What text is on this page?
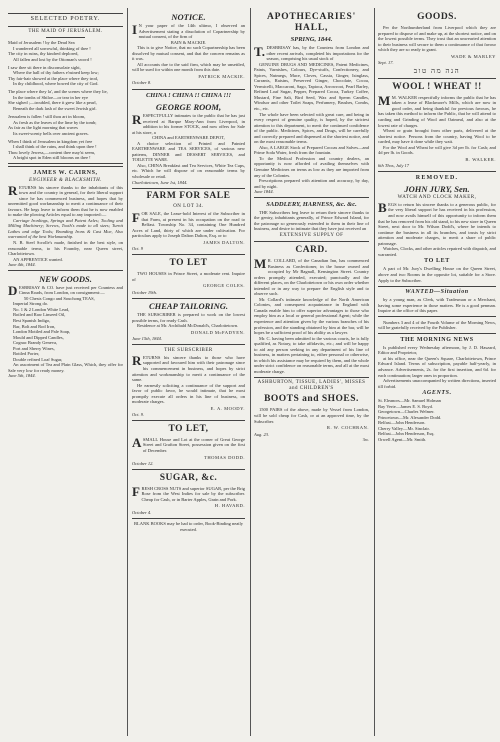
SELECTED POETRY.
THE MAID OF JERUSALEM.

Maid of Jerusalem ! by the Dead Sea

I wandered all sorrowful, thinking of thee !

The city in ruins, thy kindred deplored,

All fallen and lost by the Ottoman's sword !

I saw thee sit there in disconsolate sight,

Where the hall of thy fathers e'ruined keep low;

Thy fair-hair showed at the place where they trod,

In thy childhood, where bowed the city of God.

The place where they la', and the scenes where they lie,

In the tombs of Shiloe—or tear in her eye

She sighed ;—troubled, there it grew like a pearl,

Beneath the dark lash of the sweet Jewish girl.

Jerusalem is fallen ! still thou art in bloom,

As fresh as the leaves of the lime by the tomb;

As fair as the light morning that waves

Its sweet-scenty bells over ancient graves.

When I think of Jerusalem in kingdom yet free

I shall think of the ruins, and think upon thee !

Thou lovely Jewess,—content thee may'st seem,

A bright spot in Eden still blooms on thee !

JAMES W. CAIRNS,
ENGINEER & BLACKSMITH.

RETURNS his sincere thanks to the inhabitants of this town and the country in general, for their liberal support since he has commenced business, and hopes that by unremitted good workmanship to merit a continuance of their favours. He begs leave to inform them that he is now enabled to make the plowing Articles equal to any imported:—

Carriage Ironlings, Springs and Patent Axles; Tooling and Milling Machinery; Screws, Tooth's made to all sizes; Turnit Lathes and edge Tools; Branding Irons & Cast Moe, Also warranted of the best Workmanship.

N. B. Steel Scrolle's made, finished in the best style, on reasonable terms, to his Foundry, near Queen street, Charlottetown.

AN APPRENTICE wanted.

June 4th, 1844.

NEW GOODS.

DESBRISAY & CO. have just received per Countess and Cinna Roads, from London, on consignment:—

50 Chests Congo and Souchong TEAS,

Imperial Strong do.

No. 1 & 2 London White Lead,

Boiled and Raw Linseed Oil,

Best Spanish Indigo,

Bar, Bolt and Rod Iron,

London Mottled and Pale Soap,

Mould and Dipped Candles,

Cognac Brandy Geneva,

Port and Sherry Wines,

Bottled Porter,

Double refined Loaf Sugar,

An assortment of Tea and Plain Glass, Which, they offer for Sale very low for ready money.

June 5th, 1844.

NOTICE.

I N your paper of the 14th ultimo, I observed an Advertisement stating a dissolution of Copartnership by mutual consent, of the firm of

BAIN & MACKIE.

This is to give Notice, that no such Copartnership has been dissolved by mutual consent, and that the concern remains as it was.

All accounts due to the said firm, which may be unsettled, will be sued for within one month from this date.

PATRICK MACKIE.

October 8.

CHINA ! CHINA !! CHINA !!!
GEORGE ROOM,

RESPECTFULLY intimates to the public that he has just received at Barque Mary-Ann from Liverpool, in addition to his former STOCK, and now offers for Sale at his store, a

CHINA and EARTHENWARE DEPOT,

A choice selection of Printed and Painted EARTHENWARE and TEA SERVICES, of various new patterns, DINNER and DESSERT SERVICES, and TOILETTE WARE.

Also, CHINA Breakfast and Tea Services, White Tea Cups, etc. Which he will dispose of on reasonable terms by wholesale or retail.

Charlottetown, June 1st, 1844.

FARM FOR SALE
ON LOT 34.

FOR SALE, the Lease-hold Interest of the Subscriber in that Farm, at present in his occupation on the road to Belfast. Township No. 34, containing One Hundred Acres of Land, thirty of which are under cultivation. For particulars apply to Joseph Dalton Dalton, Esq. or to

JAMES DALTON.

Oct. 9

TO LET

TWO HOUSES in Prince Street, a moderate rent. Inquire of

GEORGE COLES.

October 19th.

CHEAP TAILORING.

THE SUBSCRIBER is prepared to work on the lowest possible terms, for ready Cash.

Residence at Mr. Archibald McDonald's, Charlottetown.

DONALD McFADYEN.

June 15th, 1844.

THE SUBSCRIBER

RETURNS his sincere thanks to those who have supported and favoured him with their patronage since his commencement in business, and hopes by strict attention and workmanship to merit a continuance of the same.

He earnestly soliciting a continuance of the support and favor of public favor, he would intimate, that he most promptly execute all orders in his line of business, on moderate charges.

E. A. MOODY.

Oct. 9.

TO LET,

ASMALL House and Lot at the corner of Great George Street and Grafton Street, possession given on the first of December.

THOMAS DODD.

October 12.

SUGAR, &c.

FRESH CROSS NUTS and superior SUGAR, per the Brig Rose from the West Indies for sale by the subscriber. Cheap for Cash, or in Barter Apples, Grain and Pork.

H. HAVARD.

October 4.

BLANK BOOKS may be had to order, Book-Binding neatly executed.

APOTHECARIES' HALL,
SPRING, 1844.

T. DESBRISAY has, by the Countess from London and other recent arrivals, completed his importations for the season, comprising his usual stock of

GENUINE DRUGS AND MEDICINES, Patent Medicines, Paints, Varnishes, Colours, Dye-stuffs, Confectionery, and Spices, Nutmegs, Mace, Cloves, Cassia, Ginger, Isinglass, Currants, Raisins, Preserved Ginger, Chocolate, Cocoa, Vermicelli, Maccaroni, Sago, Tapioca, Arrowroot, Pearl Barley, Refined Loaf Sugar, Pepper, Prepared Cocoa, Turkey Coffee, Mustard, Fine Salt, Bird Seed, Wax and Sperm Candles, Windsor and other Toilet Soaps, Perfumery, Brushes, Combs, etc., etc.

The whole have been selected with great care, and being in every respect of genuine quality, is hoped, by the strictest attention to this department, to merit the continued confidence of the public. Medicines, Spices, and Drugs, will be carefully and correctly prepared and dispensed at the shortest notice, and on the most reasonable terms.

Also, A LARGE Stock of Prepared Cocoas and Salves—and Prime Soda Water, fresh from the fountain.

To the Medical Profession and country dealers, an opportunity is now afforded of availing themselves with Genuine Medicines on terms as low as they are imported from any of the Colonies.

Prescriptions prepared with attention and accuracy, by day, and by night.

June 1844.

SADDLERY, HARNESS, &c. &c.

THE Subscribers beg leave to return their sincere thanks to the gentry, inhabitants generally, of Prince Edward Island, for the patronage so generously extended to them in their line of business, and desire to intimate that they have just received an

EXTENSIVE SUPPLY OF
CARD.

M R. COLLARD, of the Canadian Inn, has commenced Business as Confectioner, in the house owned and occupied by Mr Bagnall, Kensington Street. Country orders promptly attended, executed; punctually and the different places, on the Charlottetown or his own order whether intended or in any way to prepare the English style and to observe such.

Mr. Collard's intimate knowledge of the North American Colonies, and consequent acquaintance in England with Canada enable him to offer superior advantages to those who employ him as a local or general professional Agent; while the experience and attention given by the various branches of his profession, and the standing obtained by him at the bar, will he hopes be a sufficient proof of his ability as a lawyer.

Mr. C. having been admitted to the various courts, he is fully qualified, as Notary, to take affidavits, etc.; and will be happy to aid any person seeking in any department of his line of business, in matters pertaining to, either personal or otherwise, in which his assistance may be required by them, and the whole under strict confidence on reasonable terms, and all at the most moderate charge.

ASHBURTON, TISSUE, LADIES', MISSES and CHILDREN'S
BOOTS and SHOES.

1500 PAIRS of the above, made by Vessel from London, will be sold cheap for Cash, or at an approved time, by the Subscriber.

R. W. COCHRAN.

Aug. 23.

3w.

GOODS.

Per the Northumberland from Liverpool which they are prepared to dispose of and make up, at the shortest notice, and on the lowest possible terms. They trust that an unwearied attention to their business will secure to them a continuance of that favour which they are so ready to grant.

WADE & MARLEY

Sept. 17.

הנה מה טוב
WOOL ! WHEAT !!

M M. WALKER respectfully informs the public that he has taken a lease of Blackmore's Mills, which are now in good order, and being thankful for previous favours, he has taken this method to inform the Public, that he will attend to carding and Grinding of Wool and Oatmeal, and also at the lowest rate of charges.

Wheat or grain brought from other parts, delivered at the shortest notice. Persons from the country, having Wool to be carded, may have it done while they wait.

For the Wool and Wheat he will give 3d per lb. for Cash; and 4d per lb. in Goods.

B. WALKER.

6th Thos, July 17

REMOVED.
JOHN JURY, Sen.
WATCH AND CLOCK MAKER,

BEGS to return his sincere thanks to a generous public, for the very liberal support he has received in his profession, and now avails himself of this opportunity to inform them that he has removed from his old stand, to his new store in Queen Street, next door to Mr. Wilson Dodd's, where he intends to continue the business in all its branches, and trusts by strict attention and moderate charges, to merit a share of public patronage.

Watches, Clocks, and other articles repaired with dispatch, and warranted.

TO LET

A part of Mr. Jury's Dwelling House on the Queen Street, above and two Rooms in the opposite lot, suitable for a Store. Apply to the Subscriber.

WANTED—Situation

by a young man, as Clerk, with Tradesman or a Merchant, having some experience in those matters. He is a good penman. Inquire at the office of this paper.

Numbers 3 and 4 of the Fourth Volume of the Morning News, will be gratefully received by the Publisher.

THE MORNING NEWS

Is published every Wednesday afternoon, by J. D. Haszard, Editor and Proprietor,

at his office, near the Queen's Square, Charlottetown, Prince Edward Island. Terms of subscription, payable half-yearly, in advance. Advertisements, 2s. for the first insertion, and 6d. for each continuation; larger ones in proportion.

Advertisements unaccompanied by written directions, inserted till forbid.

AGENTS.

St. Eleanors—Mr. Samuel Holman

Bay Verte—James E. S. Boyd.

Georgetown—Charles Welmer.

Princetown—Mr. Alexander Dodd.

Belfast—John Henderson.

Cherry Valley—Mr. Sinclair.

Belfast—John Henderson, Esq.

Orwell Agent—Mr. Smith.
